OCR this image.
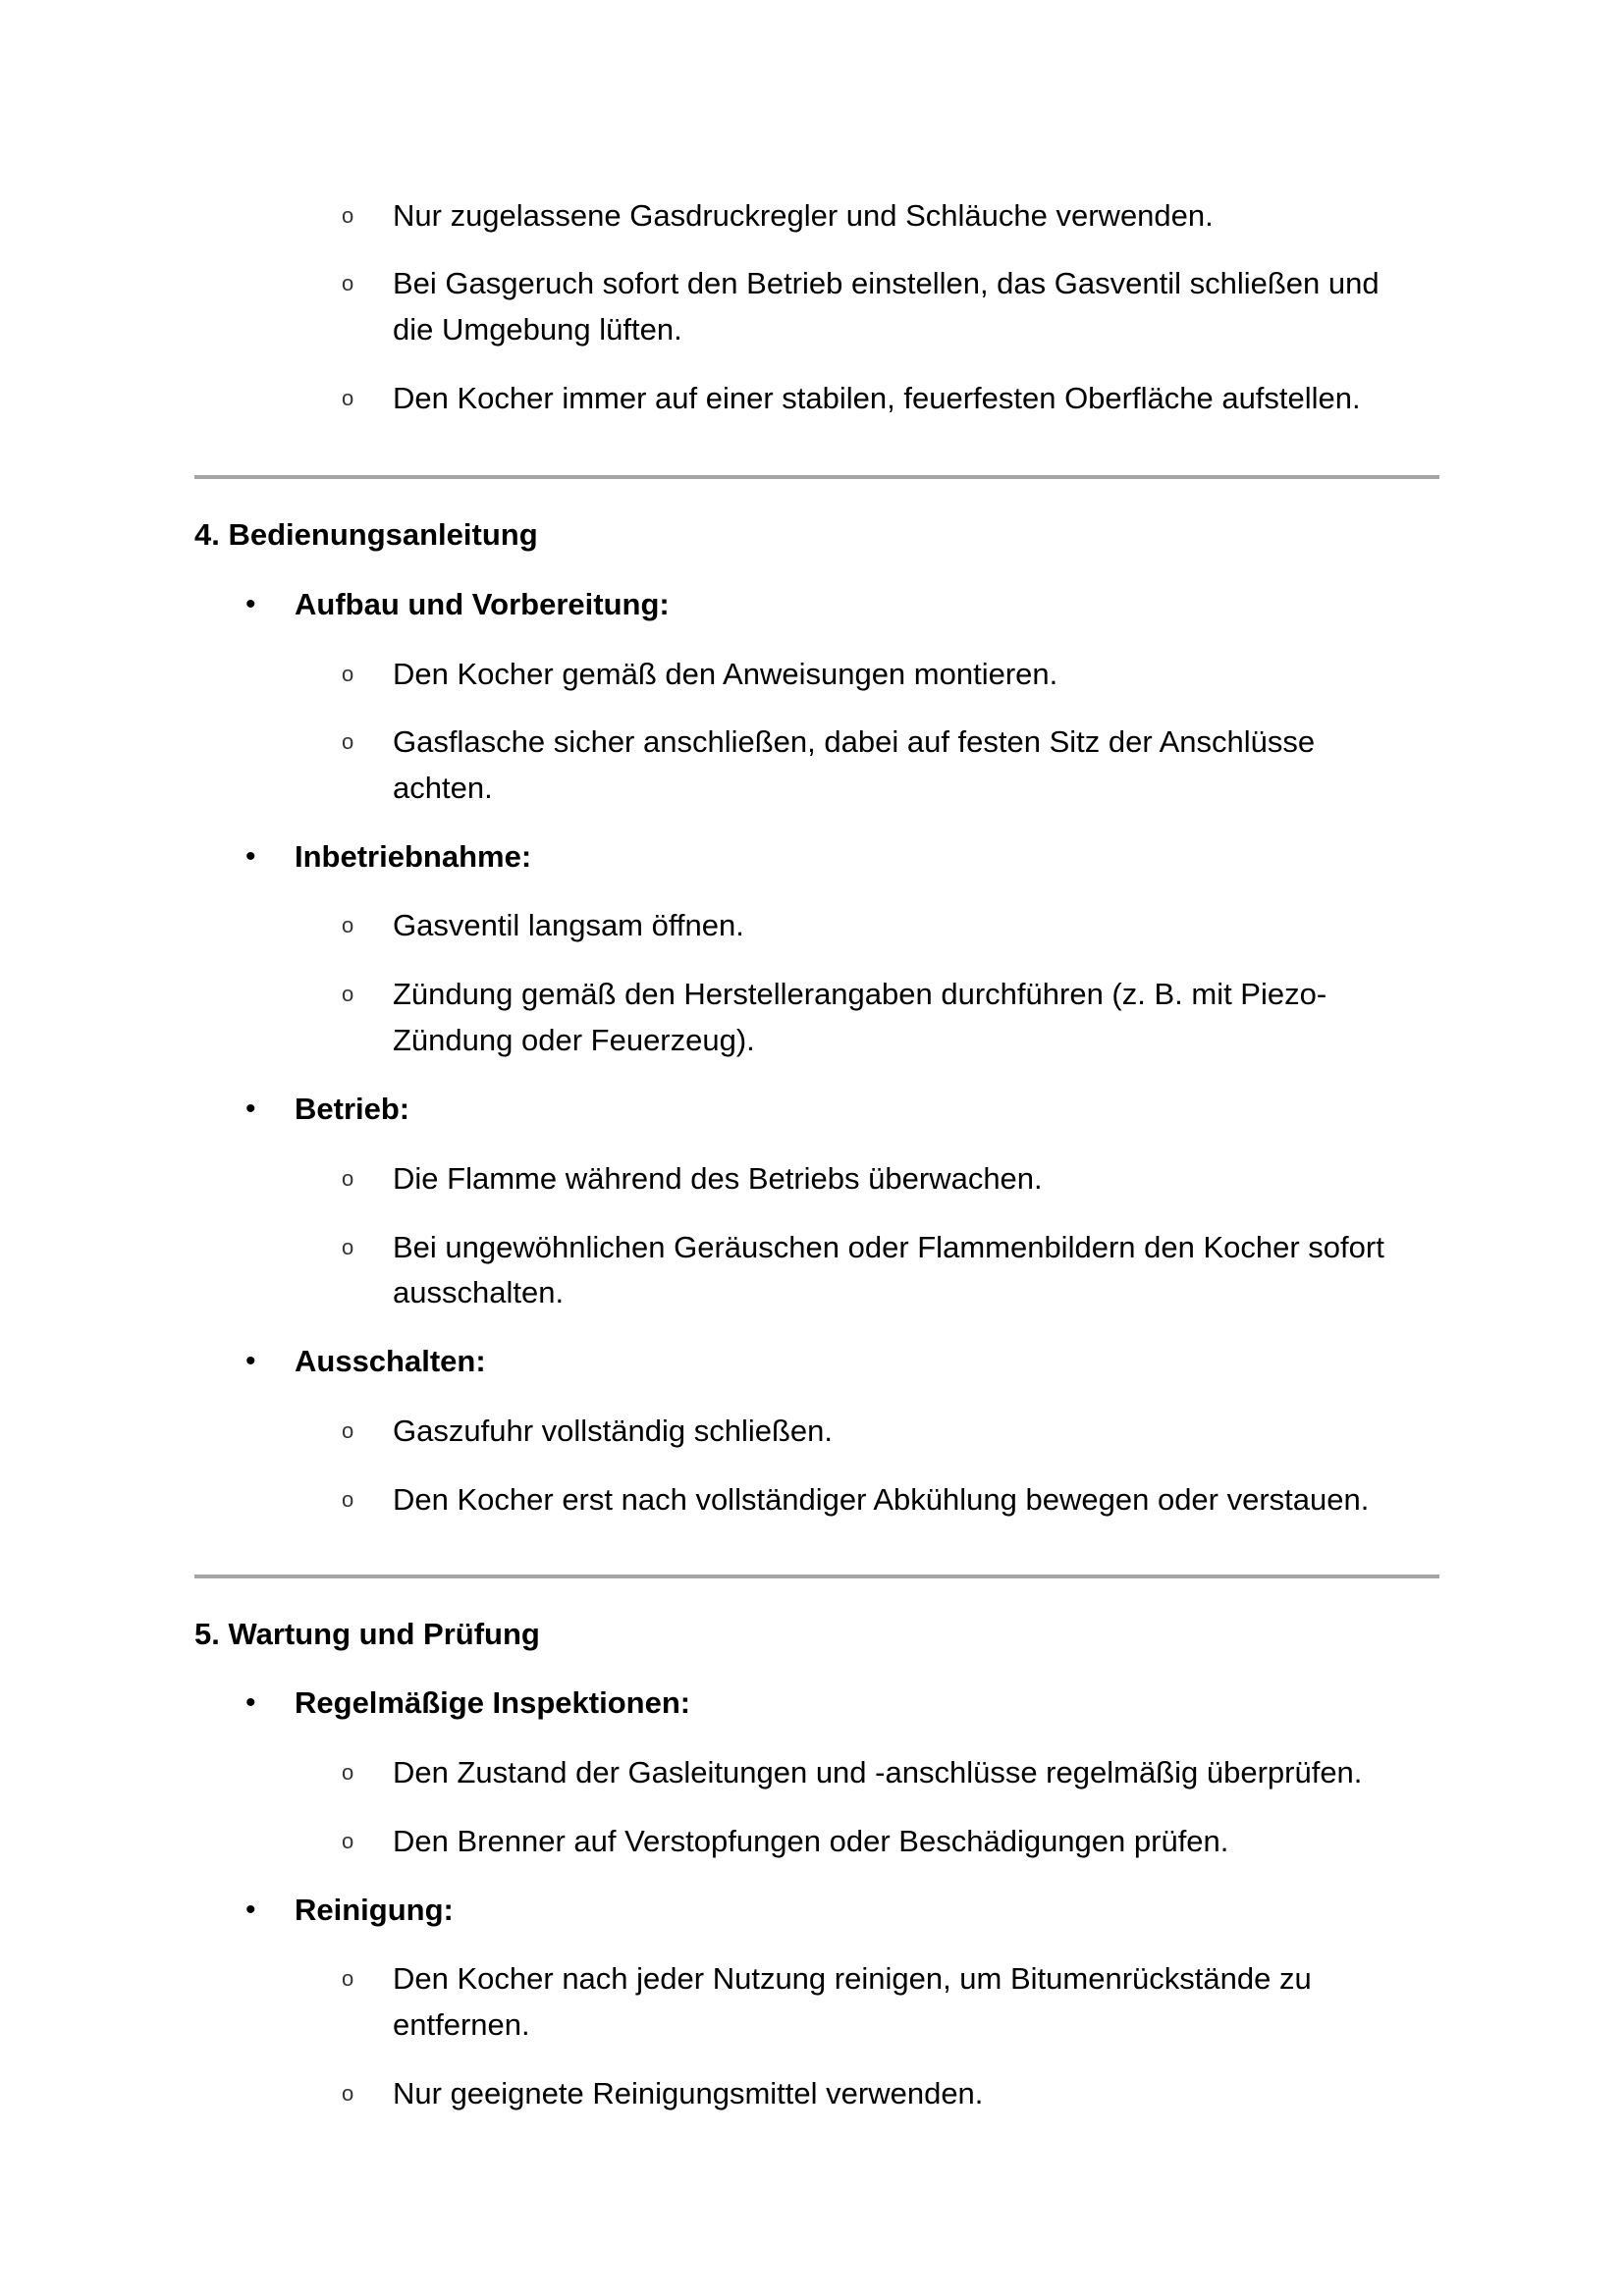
o Nur zugelassene Gasdruckregler und Schläuche verwenden.
o Bei Gasgeruch sofort den Betrieb einstellen, das Gasventil schließen und
die Umgebung lüften.
o Den Kocher immer auf einer stabilen, feuerfesten Oberfläche aufstellen.
4. Bedienungsanleitung
• Aufbau und Vorbereitung:
o Den Kocher gemäß den Anweisungen montieren.
o Gasflasche sicher anschließen, dabei auf festen Sitz der Anschlüsse
achten.
• Inbetriebnahme:
o Gasventil langsam öffnen.
o Zündung gemäß den Herstellerangaben durchführen (z. B. mit Piezo-
Zündung oder Feuerzeug).
• Betrieb:
o Die Flamme während des Betriebs überwachen.
o Bei ungewöhnlichen Geräuschen oder Flammenbildern den Kocher sofort
ausschalten.
• Ausschalten:
o Gaszufuhr vollständig schließen.
o Den Kocher erst nach vollständiger Abkühlung bewegen oder verstauen.
5. Wartung und Prüfung
• Regelmäßige Inspektionen:
o Den Zustand der Gasleitungen und -anschlüsse regelmäßig überprüfen.
o Den Brenner auf Verstopfungen oder Beschädigungen prüfen.
• Reinigung:
o Den Kocher nach jeder Nutzung reinigen, um Bitumenrückstände zu
entfernen.
o Nur geeignete Reinigungsmittel verwenden.
